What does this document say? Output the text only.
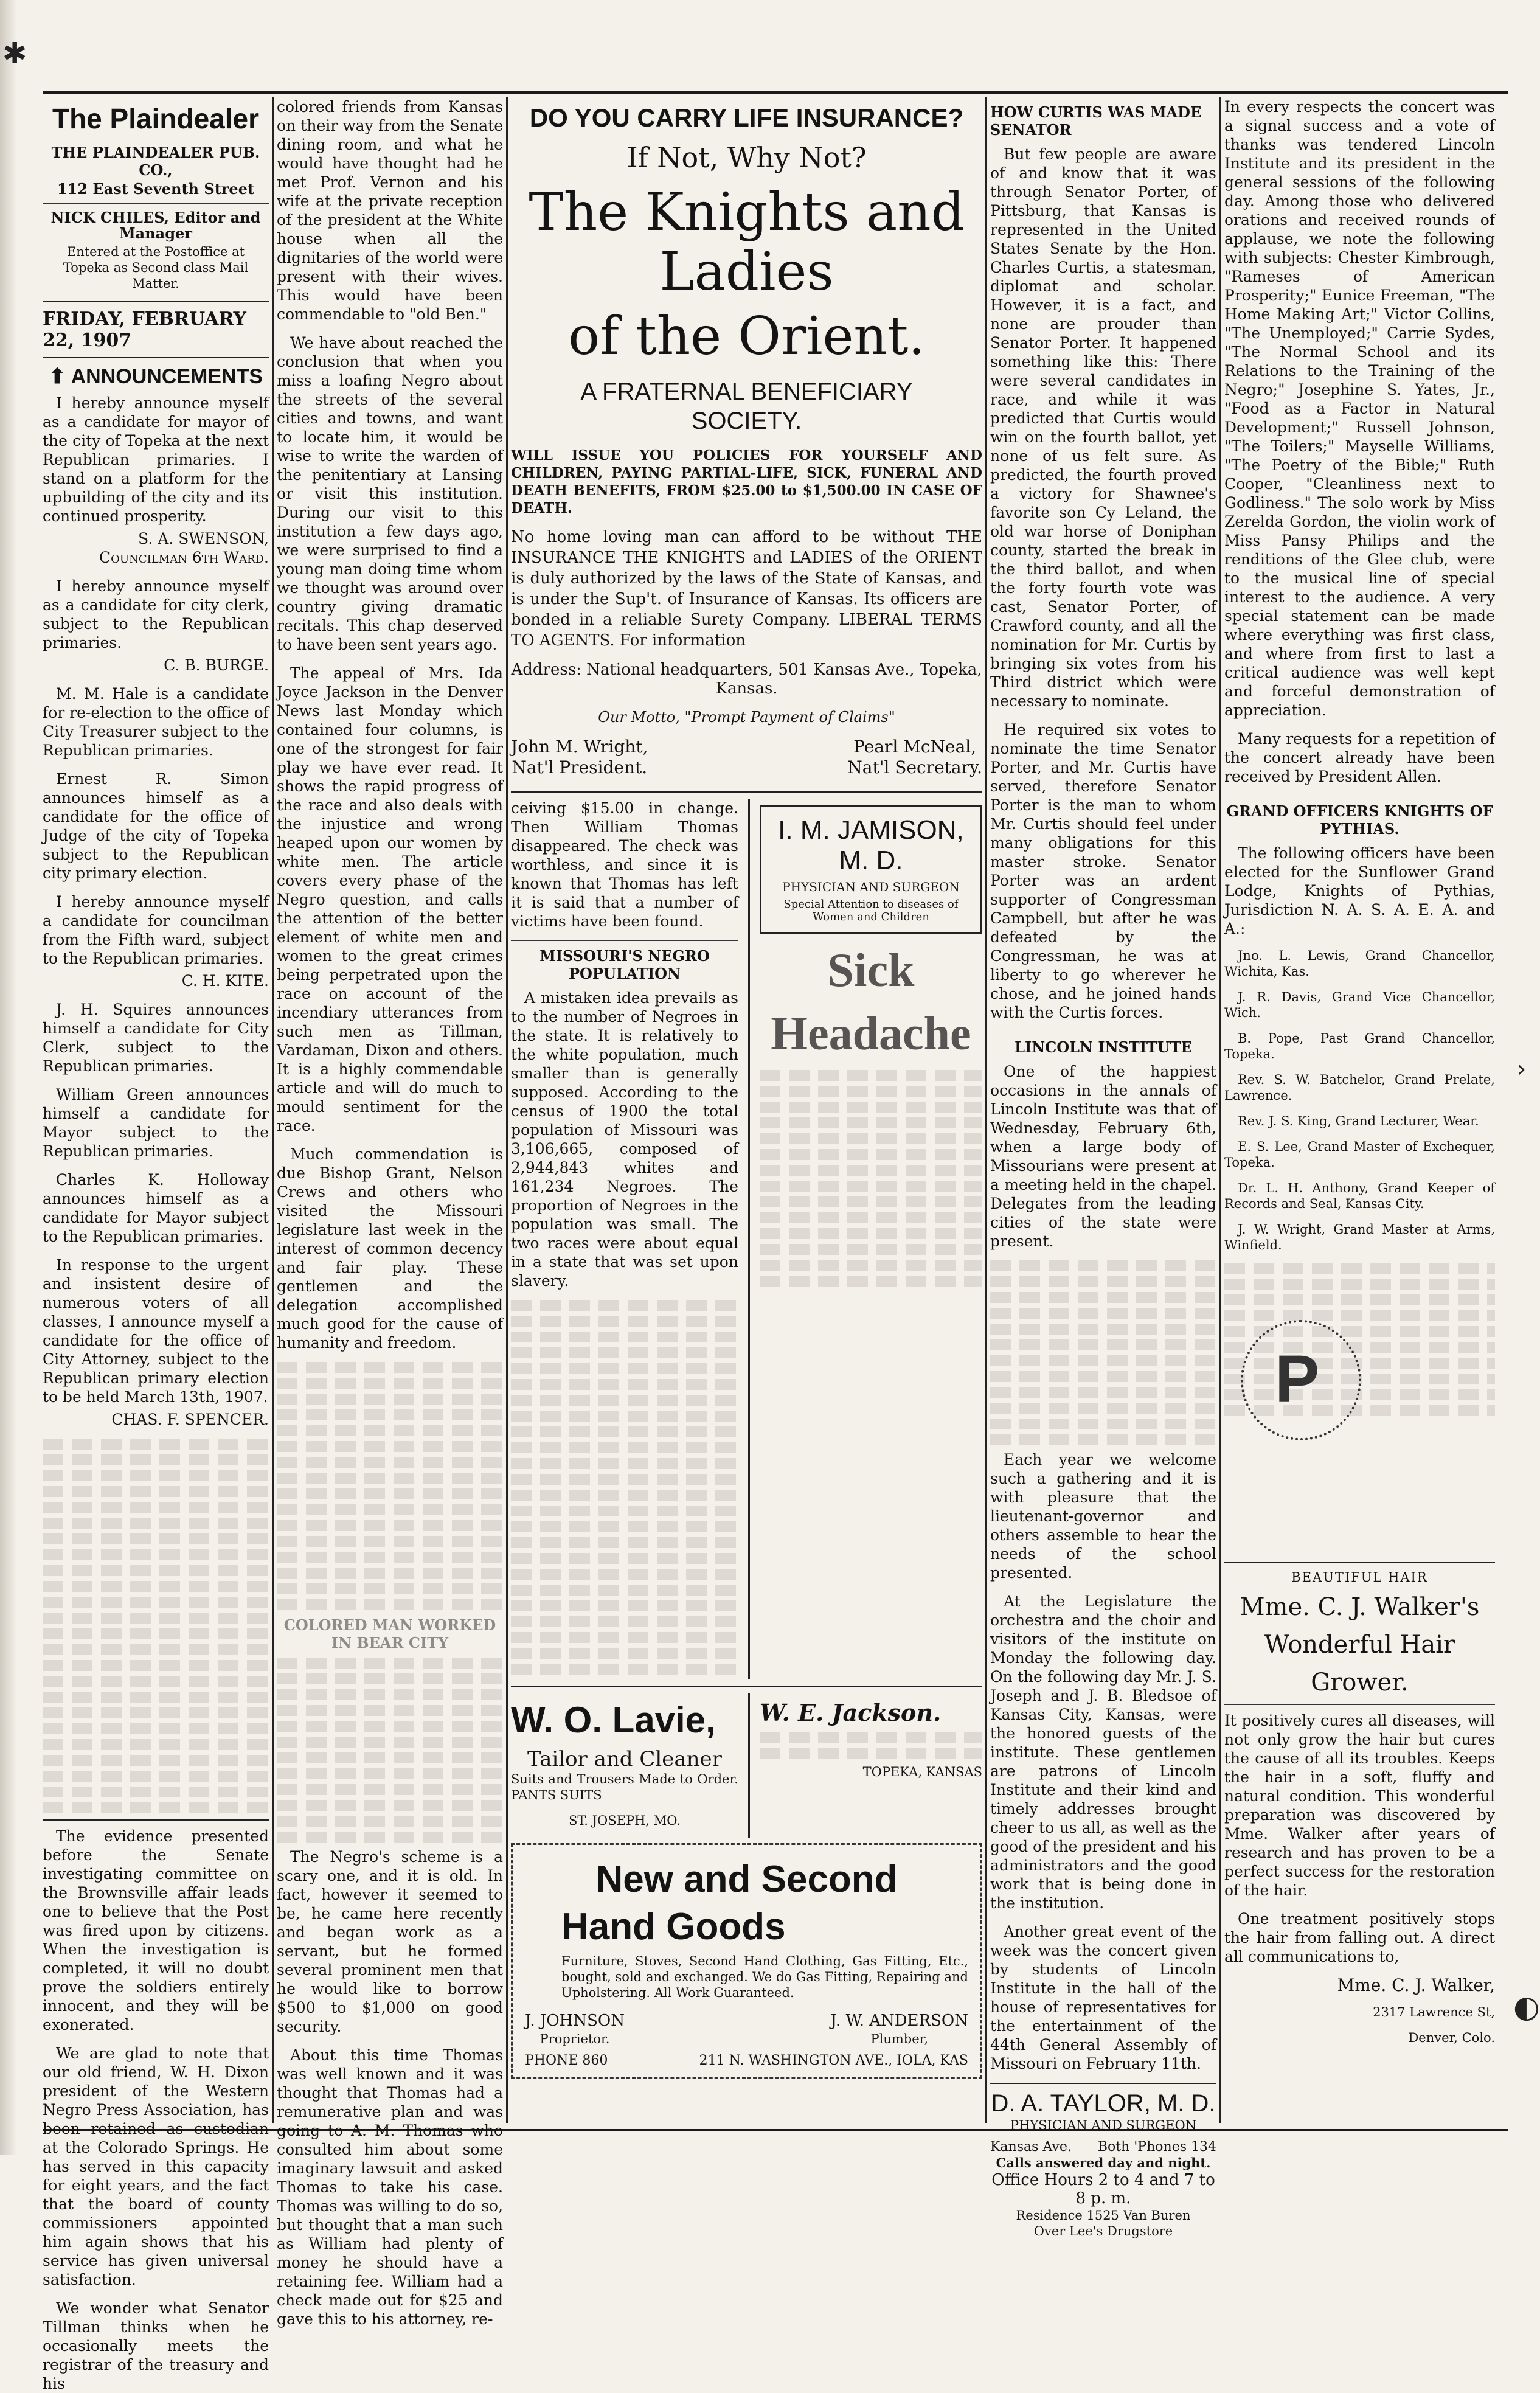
✱
◐
›
The Plaindealer
THE PLAINDEALER PUB. CO.,
112 East Seventh Street
NICK CHILES, Editor and Manager

Entered at the Postoffice at Topeka as Second class Mail Matter.

FRIDAY, FEBRUARY 22, 1907
⬆ ANNOUNCEMENTS

I hereby announce myself as a candidate for mayor of the city of Topeka at the next Republican primaries. I stand on a platform for the upbuilding of the city and its continued prosperity.

S. A. SWENSON, Councilman 6th Ward.

I hereby announce myself as a candidate for city clerk, subject to the Republican primaries.

C. B. BURGE.

M. M. Hale is a candidate for re-election to the office of City Treasurer subject to the Republican primaries.

Ernest R. Simon announces himself as a candidate for the office of Judge of the city of Topeka subject to the Republican city primary election.

I hereby announce myself a candidate for councilman from the Fifth ward, subject to the Republican primaries.

C. H. KITE.

J. H. Squires announces himself a candidate for City Clerk, subject to the Republican primaries.

William Green announces himself a candidate for Mayor subject to the Republican primaries.

Charles K. Holloway announces himself as a candidate for Mayor subject to the Republican primaries.

In response to the urgent and insistent desire of numerous voters of all classes, I announce myself a candidate for the office of City Attorney, subject to the Republican primary election to be held March 13th, 1907.

CHAS. F. SPENCER.

The evidence presented before the Senate investigating committee on the Brownsville affair leads one to believe that the Post was fired upon by citizens. When the investigation is completed, it will no doubt prove the soldiers entirely innocent, and they will be exonerated.

We are glad to note that our old friend, W. H. Dixon president of the Western Negro Press Association, has been retained as custodian at the Colorado Springs. He has served in this capacity for eight years, and the fact that the board of county commissioners appointed him again shows that his service has given universal satisfaction.

We wonder what Senator Tillman thinks when he occasionally meets the registrar of the treasury and his

colored friends from Kansas on their way from the Senate dining room, and what he would have thought had he met Prof. Vernon and his wife at the private reception of the president at the White house when all the dignitaries of the world were present with their wives. This would have been commendable to "old Ben."

We have about reached the conclusion that when you miss a loafing Negro about the streets of the several cities and towns, and want to locate him, it would be wise to write the warden of the penitentiary at Lansing or visit this institution. During our visit to this institution a few days ago, we were surprised to find a young man doing time whom we thought was around over country giving dramatic recitals. This chap deserved to have been sent years ago.

The appeal of Mrs. Ida Joyce Jackson in the Denver News last Monday which contained four columns, is one of the strongest for fair play we have ever read. It shows the rapid progress of the race and also deals with the injustice and wrong heaped upon our women by white men. The article covers every phase of the Negro question, and calls the attention of the better element of white men and women to the great crimes being perpetrated upon the race on account of the incendiary utterances from such men as Tillman, Vardaman, Dixon and others. It is a highly commendable article and will do much to mould sentiment for the race.

Much commendation is due Bishop Grant, Nelson Crews and others who visited the Missouri legislature last week in the interest of common decency and fair play. These gentlemen and the delegation accomplished much good for the cause of humanity and freedom.

COLORED MAN WORKED IN BEAR CITY

The Negro's scheme is a scary one, and it is old. In fact, however it seemed to be, he came here recently and began work as a servant, but he formed several prominent men that he would like to borrow $500 to $1,000 on good security.

About this time Thomas was well known and it was thought that Thomas had a remunerative plan and was going to A. M. Thomas who consulted him about some imaginary lawsuit and asked Thomas to take his case. Thomas was willing to do so, but thought that a man such as William had plenty of money he should have a retaining fee. William had a check made out for $25 and gave this to his attorney, re-

DO YOU CARRY LIFE INSURANCE?
If Not, Why Not?
The Knights and Ladies
of the Orient.
A FRATERNAL BENEFICIARY
SOCIETY.

WILL ISSUE YOU POLICIES FOR YOURSELF AND CHILDREN, PAYING PARTIAL-LIFE, SICK, FUNERAL AND DEATH BENEFITS, FROM $25.00 to $1,500.00 IN CASE OF DEATH.

No home loving man can afford to be without THE INSURANCE THE KNIGHTS and LADIES of the ORIENT is duly authorized by the laws of the State of Kansas, and is under the Sup't. of Insurance of Kansas. Its officers are bonded in a reliable Surety Company. LIBERAL TERMS TO AGENTS. For information

Address: National headquarters, 501 Kansas Ave., Topeka, Kansas.

Our Motto, "Prompt Payment of Claims"

John M. Wright,
Nat'l President.
Pearl McNeal,
Nat'l Secretary.

ceiving $15.00 in change. Then William Thomas disappeared. The check was worthless, and since it is known that Thomas has left it is said that a number of victims have been found.

MISSOURI'S NEGRO POPULATION

A mistaken idea prevails as to the number of Negroes in the state. It is relatively to the white population, much smaller than is generally supposed. According to the census of 1900 the total population of Missouri was 3,106,665, composed of 2,944,843 whites and 161,234 Negroes. The proportion of Negroes in the population was small. The two races were about equal in a state that was set upon slavery.

I. M. JAMISON, M. D.
PHYSICIAN AND SURGEON
Special Attention to diseases of Women and Children
Sick
Headache
W. O. Lavie,
Tailor and Cleaner

Suits and Trousers Made to Order. PANTS SUITS

ST. JOSEPH, MO.

W. E. Jackson.

TOPEKA, KANSAS

New and Second
Hand Goods

Furniture, Stoves, Second Hand Clothing, Gas Fitting, Etc., bought, sold and exchanged. We do Gas Fitting, Repairing and Upholstering. All Work Guaranteed.

J. JOHNSON
Proprietor.
J. W. ANDERSON
Plumber,
PHONE 860	211 N. WASHINGTON AVE., IOLA, KAS
HOW CURTIS WAS MADE SENATOR

But few people are aware of and know that it was through Senator Porter, of Pittsburg, that Kansas is represented in the United States Senate by the Hon. Charles Curtis, a statesman, diplomat and scholar. However, it is a fact, and none are prouder than Senator Porter. It happened something like this: There were several candidates in race, and while it was predicted that Curtis would win on the fourth ballot, yet none of us felt sure. As predicted, the fourth proved a victory for Shawnee's favorite son Cy Leland, the old war horse of Doniphan county, started the break in the third ballot, and when the forty fourth vote was cast, Senator Porter, of Crawford county, and all the nomination for Mr. Curtis by bringing six votes from his Third district which were necessary to nominate.

He required six votes to nominate the time Senator Porter, and Mr. Curtis have served, therefore Senator Porter is the man to whom Mr. Curtis should feel under many obligations for this master stroke. Senator Porter was an ardent supporter of Congressman Campbell, but after he was defeated by the Congressman, he was at liberty to go wherever he chose, and he joined hands with the Curtis forces.

LINCOLN INSTITUTE

One of the happiest occasions in the annals of Lincoln Institute was that of Wednesday, February 6th, when a large body of Missourians were present at a meeting held in the chapel. Delegates from the leading cities of the state were present.

Each year we welcome such a gathering and it is with pleasure that the lieutenant-governor and others assemble to hear the needs of the school presented.

At the Legislature the orchestra and the choir and visitors of the institute on Monday the following day. On the following day Mr. J. S. Joseph and J. B. Bledsoe of Kansas City, Kansas, were the honored guests of the institute. These gentlemen are patrons of Lincoln Institute and their kind and timely addresses brought cheer to us all, as well as the good of the president and his administrators and the good work that is being done in the institution.

Another great event of the week was the concert given by students of Lincoln Institute in the hall of the house of representatives for the entertainment of the 44th General Assembly of Missouri on February 11th.

D. A. TAYLOR, M. D.
PHYSICIAN AND SURGEON
Kansas Ave. Both 'Phones 134
Calls answered day and night.
Office Hours 2 to 4 and 7 to 8 p. m.
Residence 1525 Van Buren
Over Lee's Drugstore

In every respects the concert was a signal success and a vote of thanks was tendered Lincoln Institute and its president in the general sessions of the following day. Among those who delivered orations and received rounds of applause, we note the following with subjects: Chester Kimbrough, "Rameses of American Prosperity;" Eunice Freeman, "The Home Making Art;" Victor Collins, "The Unemployed;" Carrie Sydes, "The Normal School and its Relations to the Training of the Negro;" Josephine S. Yates, Jr., "Food as a Factor in Natural Development;" Russell Johnson, "The Toilers;" Mayselle Williams, "The Poetry of the Bible;" Ruth Cooper, "Cleanliness next to Godliness." The solo work by Miss Zerelda Gordon, the violin work of Miss Pansy Philips and the renditions of the Glee club, were to the musical line of special interest to the audience. A very special statement can be made where everything was first class, and where from first to last a critical audience was well kept and forceful demonstration of appreciation.

Many requests for a repetition of the concert already have been received by President Allen.

GRAND OFFICERS KNIGHTS OF PYTHIAS.

The following officers have been elected for the Sunflower Grand Lodge, Knights of Pythias, Jurisdiction N. A. S. A. E. A. and A.:

Jno. L. Lewis, Grand Chancellor, Wichita, Kas.

J. R. Davis, Grand Vice Chancellor, Wich.

B. Pope, Past Grand Chancellor, Topeka.

Rev. S. W. Batchelor, Grand Prelate, Lawrence.

Rev. J. S. King, Grand Lecturer, Wear.

E. S. Lee, Grand Master of Exchequer, Topeka.

Dr. L. H. Anthony, Grand Keeper of Records and Seal, Kansas City.

J. W. Wright, Grand Master at Arms, Winfield.

BEAUTIFUL HAIR
Mme. C. J. Walker's
Wonderful Hair
Grower.

It positively cures all diseases, will not only grow the hair but cures the cause of all its troubles. Keeps the hair in a soft, fluffy and natural condition. This wonderful preparation was discovered by Mme. Walker after years of research and has proven to be a perfect success for the restoration of the hair.

One treatment positively stops the hair from falling out. A direct all communications to,

Mme. C. J. Walker,

2317 Lawrence St,

Denver, Colo.

P
